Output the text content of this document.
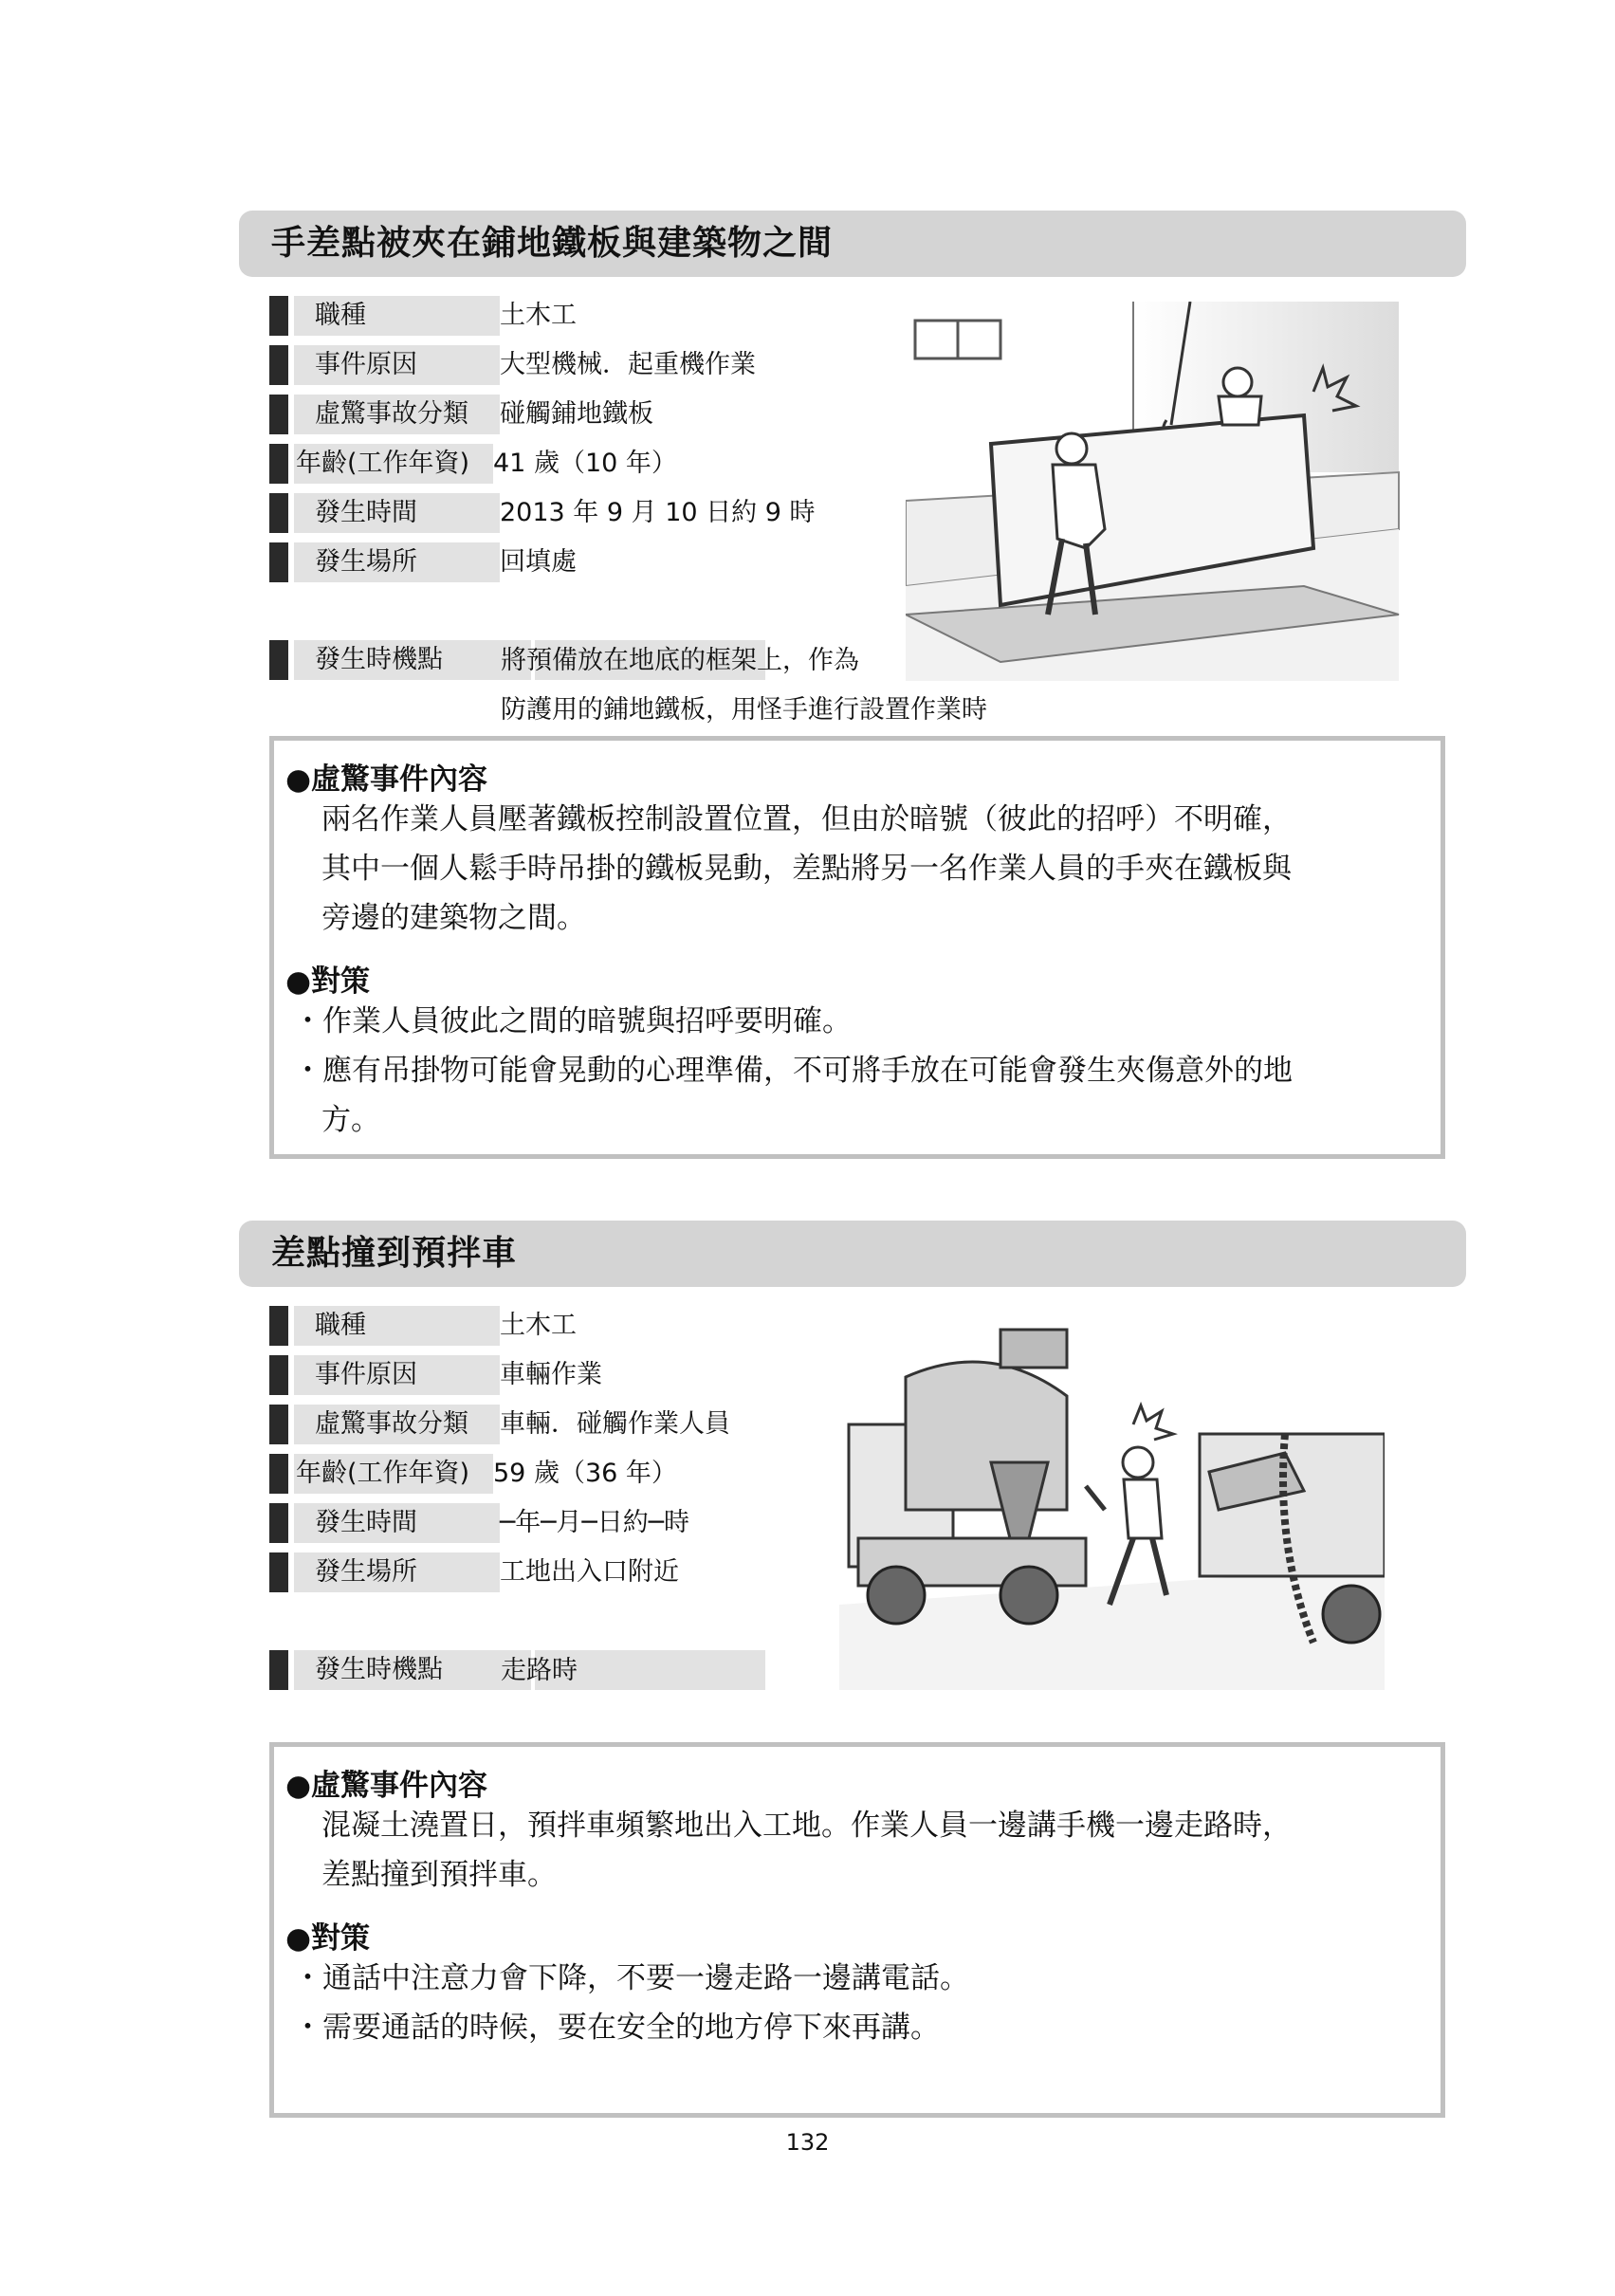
手差點被夾在鋪地鐵板與建築物之間
職種	土木工
事件原因	大型機械．起重機作業
虛驚事故分類 碰觸鋪地鐵板
年齡(工作年資) 41 歲（10 年）
發生時間	2013 年 9 月 10 日約 9 時
發生場所	回填處
發生時機點 將預備放在地底的框架上，作為
防護用的鋪地鐵板，用怪手進行設置作業時
●虛驚事件內容
兩名作業人員壓著鐵板控制設置位置，但由於暗號（彼此的招呼）不明確，
其中一個人鬆手時吊掛的鐵板晃動，差點將另一名作業人員的手夾在鐵板與
旁邊的建築物之間。
●對策
・作業人員彼此之間的暗號與招呼要明確。
・應有吊掛物可能會晃動的心理準備，不可將手放在可能會發生夾傷意外的地
方。
差點撞到預拌車
職種	土木工
事件原因	車輛作業
虛驚事故分類 車輛．碰觸作業人員
年齡(工作年資) 59 歲（36 年）
發生時間	─年─月─日約─時
發生場所	工地出入口附近
發生時機點 走路時
●虛驚事件內容
混凝土澆置日，預拌車頻繁地出入工地。作業人員一邊講手機一邊走路時，
差點撞到預拌車。
●對策
・通話中注意力會下降，不要一邊走路一邊講電話。
・需要通話的時候，要在安全的地方停下來再講。
132
